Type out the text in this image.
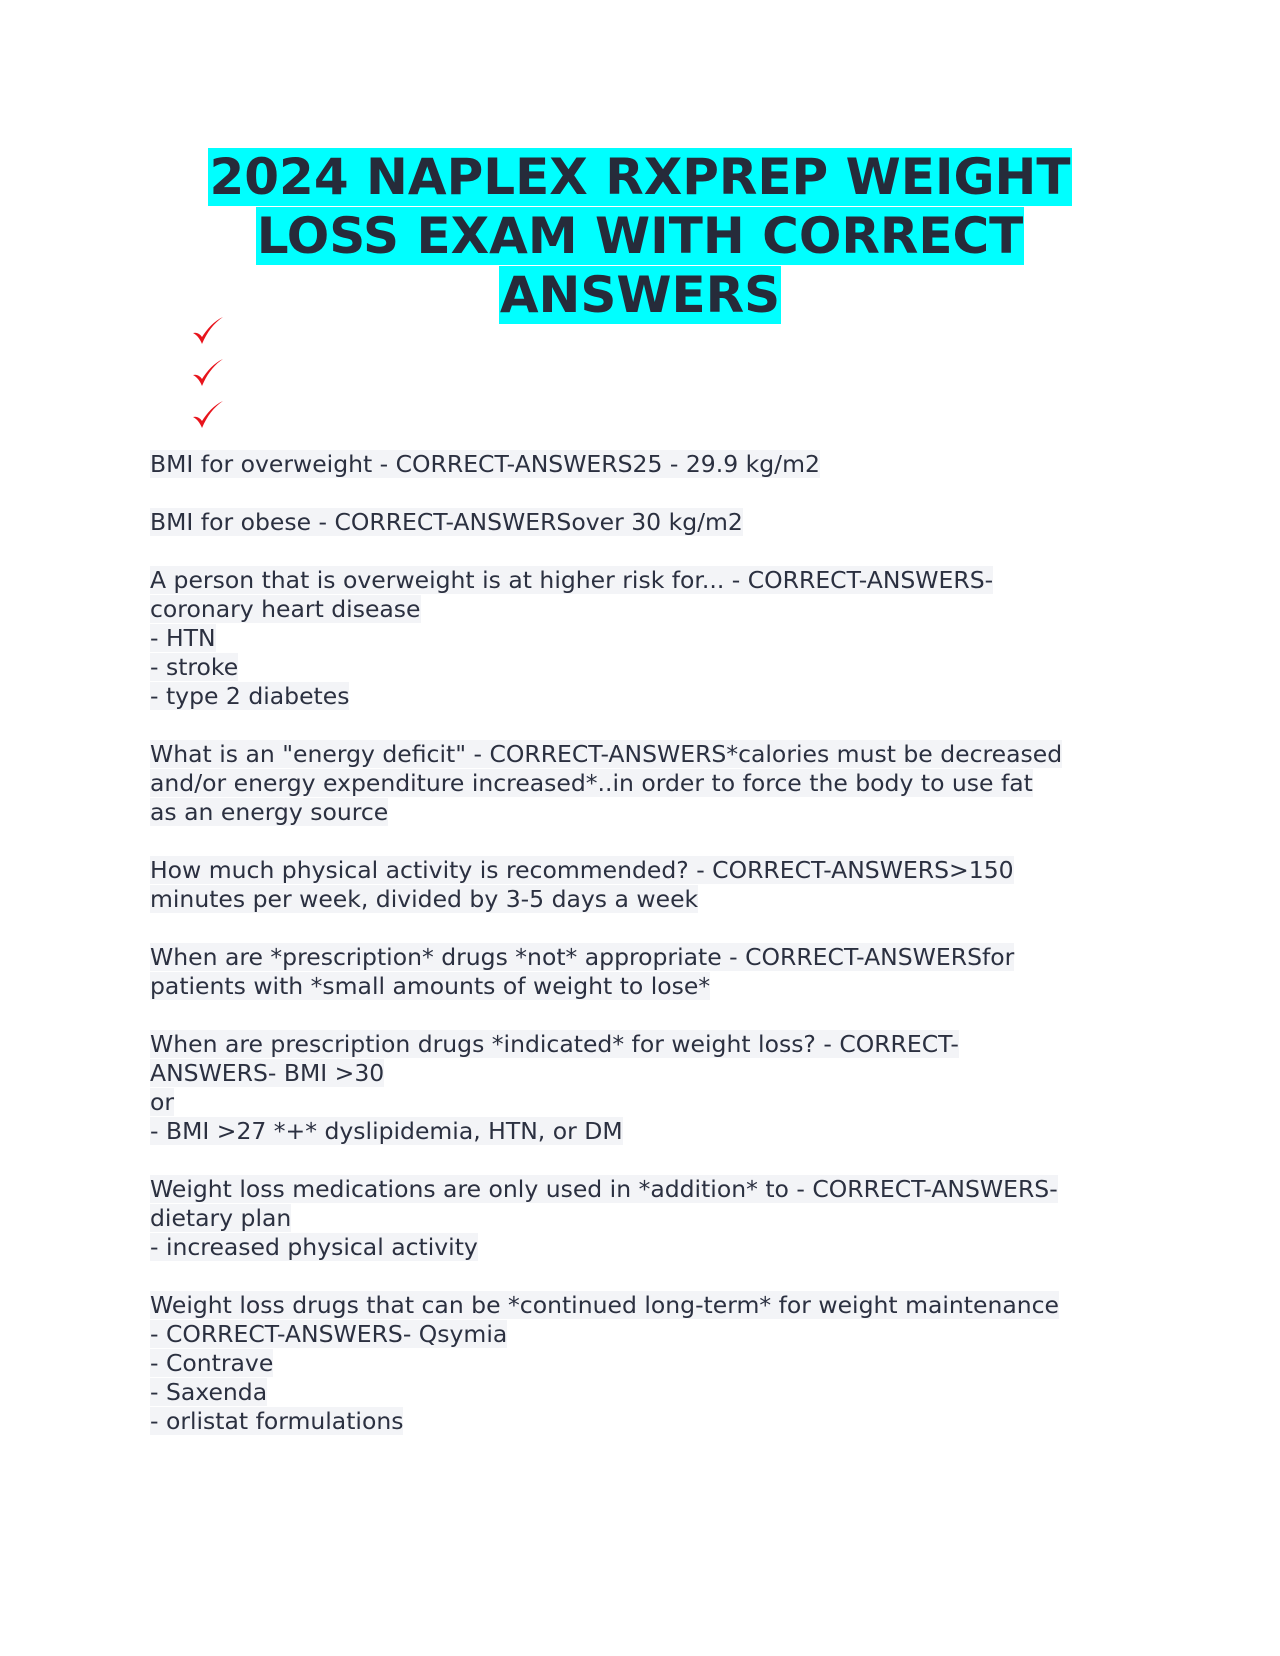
2024 NAPLEX RXPREP WEIGHT
LOSS EXAM WITH CORRECT
ANSWERS
BMI for overweight - CORRECT-ANSWERS25 - 29.9 kg/m2
BMI for obese - CORRECT-ANSWERSover 30 kg/m2
A person that is overweight is at higher risk for... - CORRECT-ANSWERS-
coronary heart disease
- HTN
- stroke
- type 2 diabetes
What is an "energy deficit" - CORRECT-ANSWERS*calories must be decreased
and/or energy expenditure increased*..in order to force the body to use fat
as an energy source
How much physical activity is recommended? - CORRECT-ANSWERS>150
minutes per week, divided by 3-5 days a week
When are *prescription* drugs *not* appropriate - CORRECT-ANSWERSfor
patients with *small amounts of weight to lose*
When are prescription drugs *indicated* for weight loss? - CORRECT-
ANSWERS- BMI >30
or
- BMI >27 *+* dyslipidemia, HTN, or DM
Weight loss medications are only used in *addition* to - CORRECT-ANSWERS-
dietary plan
- increased physical activity
Weight loss drugs that can be *continued long-term* for weight maintenance
- CORRECT-ANSWERS- Qsymia
- Contrave
- Saxenda
- orlistat formulations
